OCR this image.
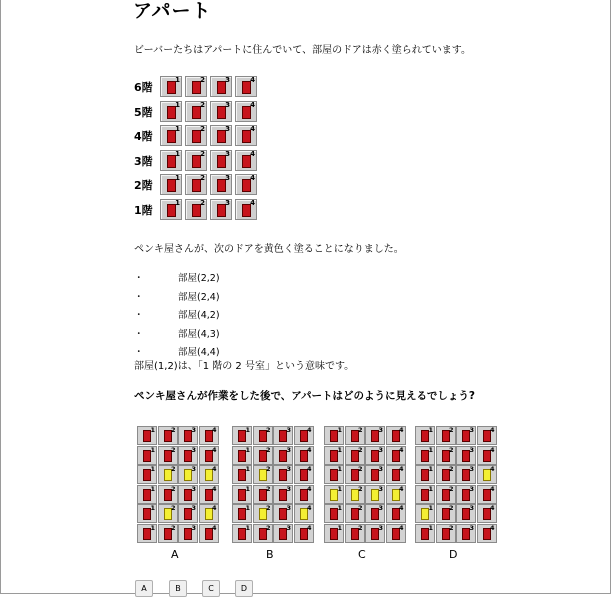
アパート
ビーバーたちはアパートに住んでいて、部屋のドアは赤く塗られています。
6階
1	2	3	4
5階
1	2	3	4
4階
1	2	3	4
3階
1	2	3	4
2階
1	2	3	4
1階
1	2	3	4
ペンキ屋さんが、次のドアを黄色く塗ることになりました。
・	部屋(2,2)
・	部屋(2,4)
・	部屋(4,2)
・	部屋(4,3)
・	部屋(4,4)
部屋(1,2)は、「1 階の 2 号室」という意味です。
ペンキ屋さんが作業をした後で、アパートはどのように見えるでしょう?
1 2 3 4
1 2 3 4
1 2 3 4
1 2 3 4
1 2 3 4
1 2 3 4
A
1 2 3 4
1 2 3 4
1 2 3 4
1 2 3 4
1 2 3 4
1 2 3 4
B
1 2 3 4
1 2 3 4
1 2 3 4
1 2 3 4
1 2 3 4
1 2 3 4
C
1 2 3 4
1 2 3 4
1 2 3 4
1 2 3 4
1 2 3 4
1 2 3 4
D
A	B	C	D
